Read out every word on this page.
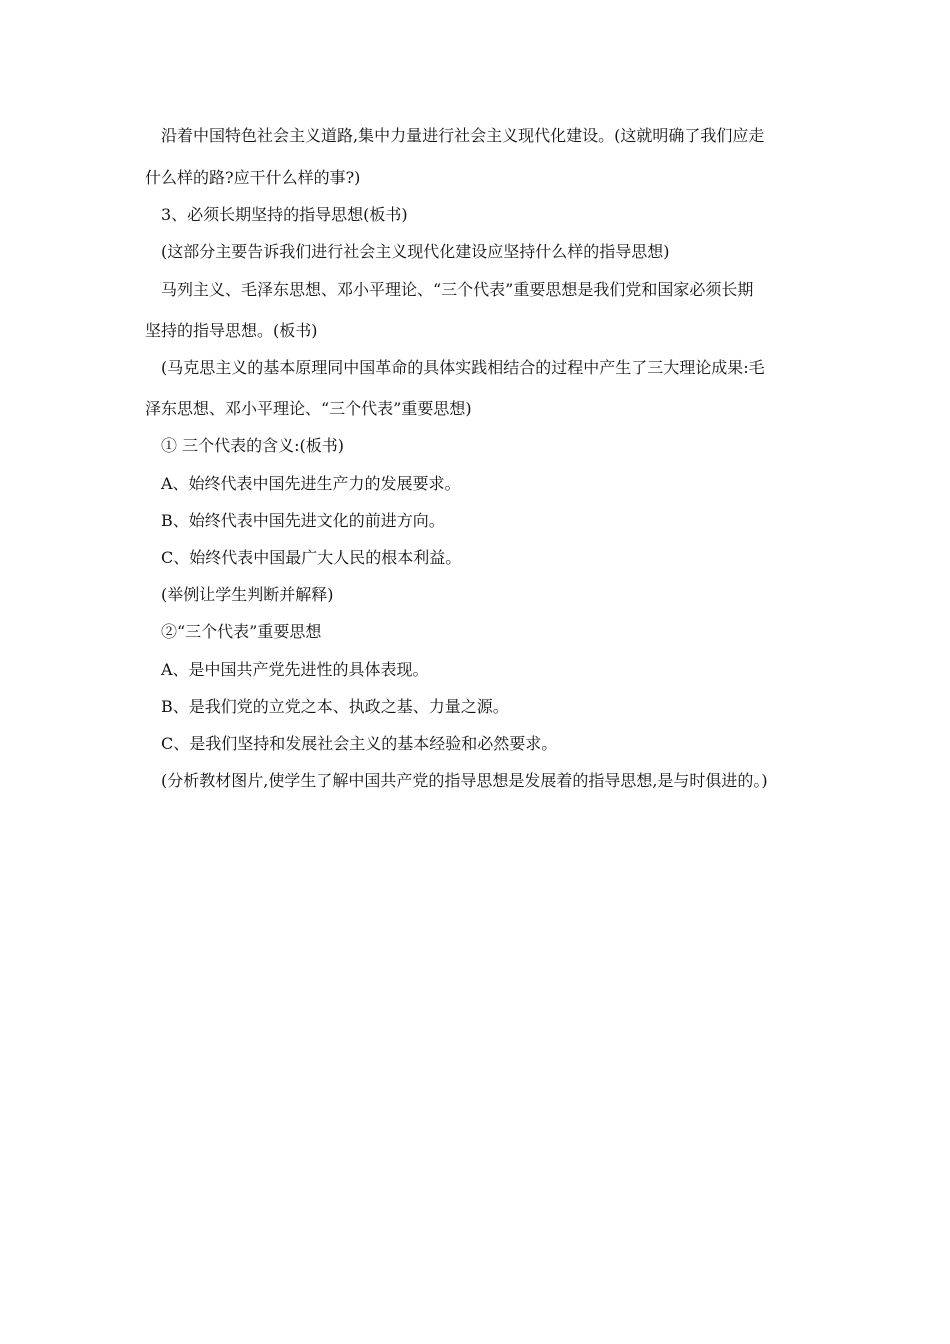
沿着中国特色社会主义道路,集中力量进行社会主义现代化建设。(这就明确了我们应走
什么样的路?应干什么样的事?)
3、必须长期坚持的指导思想(板书)
(这部分主要告诉我们进行社会主义现代化建设应坚持什么样的指导思想)
马列主义、毛泽东思想、邓小平理论、“三个代表”重要思想是我们党和国家必须长期
坚持的指导思想。(板书)
(马克思主义的基本原理同中国革命的具体实践相结合的过程中产生了三大理论成果:毛
泽东思想、邓小平理论、“三个代表”重要思想)
① 三个代表的含义:(板书)
A、始终代表中国先进生产力的发展要求。
B、始终代表中国先进文化的前进方向。
C、始终代表中国最广大人民的根本利益。
(举例让学生判断并解释)
②“三个代表”重要思想
A、是中国共产党先进性的具体表现。
B、是我们党的立党之本、执政之基、力量之源。
C、是我们坚持和发展社会主义的基本经验和必然要求。
(分析教材图片,使学生了解中国共产党的指导思想是发展着的指导思想,是与时俱进的。)
